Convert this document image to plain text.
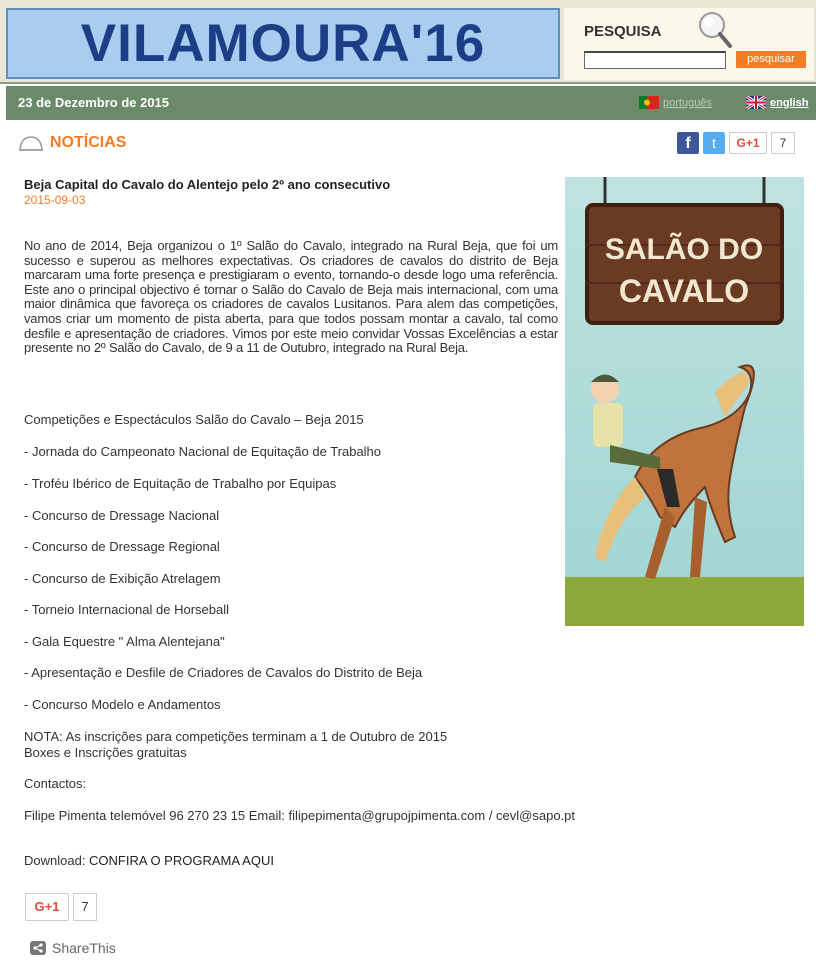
VILAMOURA'16	PESQUISA
pesquisar
23 de Dezembro de 2015	português	english
NOTÍCIAS	f	t	G+1	7
Beja Capital do Cavalo do Alentejo pelo 2º ano consecutivo
2015-09-03
No ano de 2014, Beja organizou o 1º Salão do Cavalo, integrado na Rural Beja, que foi um sucesso e superou as melhores expectativas. Os criadores de cavalos do distrito de Beja marcaram uma forte presença e prestigiaram o evento, tornando-o desde logo uma referência. Este ano o principal objectivo é tornar o Salão do Cavalo de Beja mais internacional, com uma maior dinâmica que favoreça os criadores de cavalos Lusitanos. Para alem das competições, vamos criar um momento de pista aberta, para que todos possam montar a cavalo, tal como desfile e apresentação de criadores. Vimos por este meio convidar Vossas Excelências a estar presente no 2º Salão do Cavalo, de 9 a 11 de Outubro, integrado na Rural Beja.
Competições e Espectáculos Salão do Cavalo – Beja 2015
- Jornada do Campeonato Nacional de Equitação de Trabalho
- Troféu Ibérico de Equitação de Trabalho por Equipas
- Concurso de Dressage Nacional
- Concurso de Dressage Regional
- Concurso de Exibição Atrelagem
- Torneio Internacional de Horseball
- Gala Equestre " Alma Alentejana"
- Apresentação e Desfile de Criadores de Cavalos do Distrito de Beja
- Concurso Modelo e Andamentos
NOTA: As inscrições para competições terminam a 1 de Outubro de 2015
Boxes e Inscrições gratuitas
Contactos:
Filipe Pimenta telemóvel 96 270 23 15 Email: filipepimenta@grupojpimenta.com / cevl@sapo.pt
Download: CONFIRA O PROGRAMA AQUI
SALÃO DO
CAVALO
G+1	7
ShareThis
